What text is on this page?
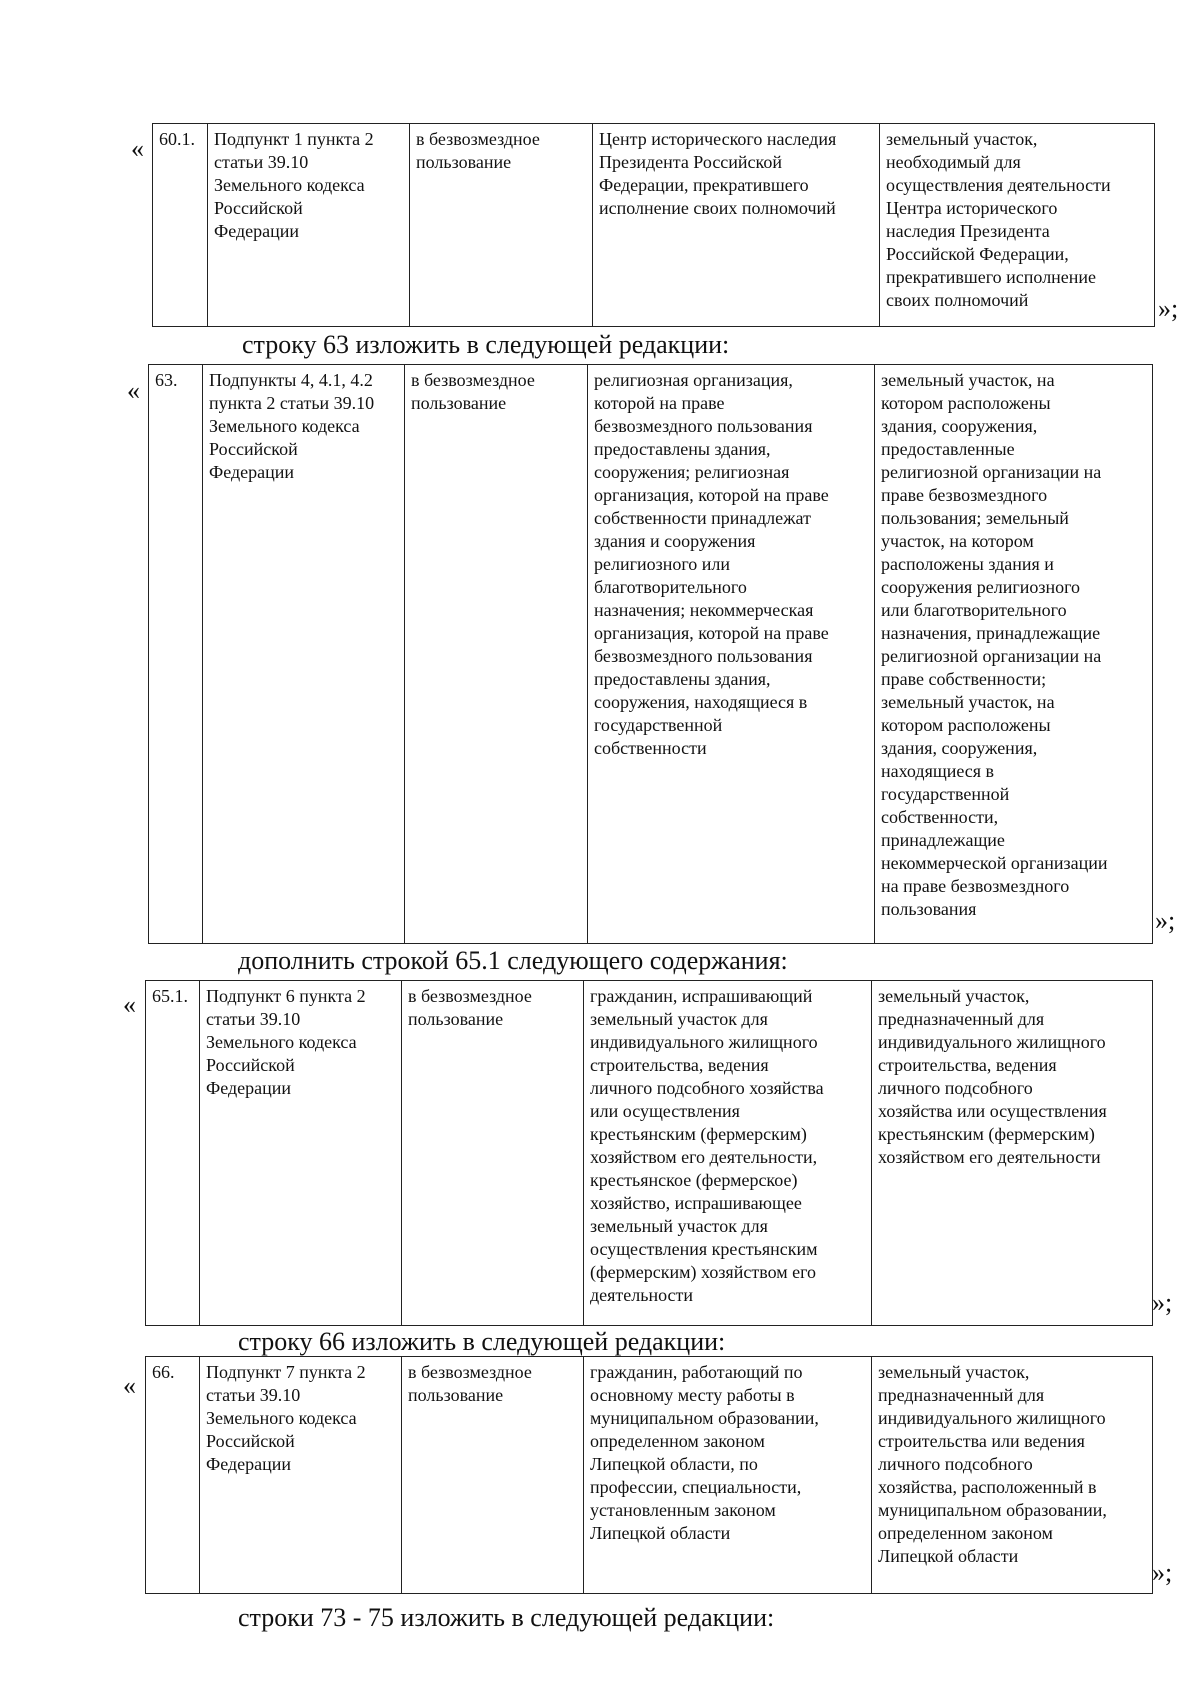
« 60.1.	Подпункт 1 пункта 2
статьи 39.10
Земельного кодекса
Российской
Федерации	в безвозмездное
пользование	Центр исторического наследия
Президента Российской
Федерации, прекратившего
исполнение своих полномочий	земельный участок,
необходимый для
осуществления деятельности
Центра исторического
наследия Президента
Российской Федерации,
прекратившего исполнение
своих полномочий	»;
строку 63 изложить в следующей редакции:
« 63.	Подпункты 4, 4.1, 4.2
пункта 2 статьи 39.10
Земельного кодекса
Российской
Федерации	в безвозмездное
пользование	религиозная организация,
которой на праве
безвозмездного пользования
предоставлены здания,
сооружения; религиозная
организация, которой на праве
собственности принадлежат
здания и сооружения
религиозного или
благотворительного
назначения; некоммерческая
организация, которой на праве
безвозмездного пользования
предоставлены здания,
сооружения, находящиеся в
государственной
собственности	земельный участок, на
котором расположены
здания, сооружения,
предоставленные
религиозной организации на
праве безвозмездного
пользования; земельный
участок, на котором
расположены здания и
сооружения религиозного
или благотворительного
назначения, принадлежащие
религиозной организации на
праве собственности;
земельный участок, на
котором расположены
здания, сооружения,
находящиеся в
государственной
собственности,
принадлежащие
некоммерческой организации
на праве безвозмездного
пользования	»;
дополнить строкой 65.1 следующего содержания:
« 65.1.	Подпункт 6 пункта 2
статьи 39.10
Земельного кодекса
Российской
Федерации	в безвозмездное
пользование	гражданин, испрашивающий
земельный участок для
индивидуального жилищного
строительства, ведения
личного подсобного хозяйства
или осуществления
крестьянским (фермерским)
хозяйством его деятельности,
крестьянское (фермерское)
хозяйство, испрашивающее
земельный участок для
осуществления крестьянским
(фермерским) хозяйством его
деятельности	земельный участок,
предназначенный для
индивидуального жилищного
строительства, ведения
личного подсобного
хозяйства или осуществления
крестьянским (фермерским)
хозяйством его деятельности
»;
строку 66 изложить в следующей редакции:
« 66.	Подпункт 7 пункта 2
статьи 39.10
Земельного кодекса
Российской
Федерации	в безвозмездное
пользование	гражданин, работающий по
основному месту работы в
муниципальном образовании,
определенном законом
Липецкой области, по
профессии, специальности,
установленным законом
Липецкой области	земельный участок,
предназначенный для
индивидуального жилищного
строительства или ведения
личного подсобного
хозяйства, расположенный в
муниципальном образовании,
определенном законом
Липецкой области
»;
строки 73 - 75 изложить в следующей редакции:
